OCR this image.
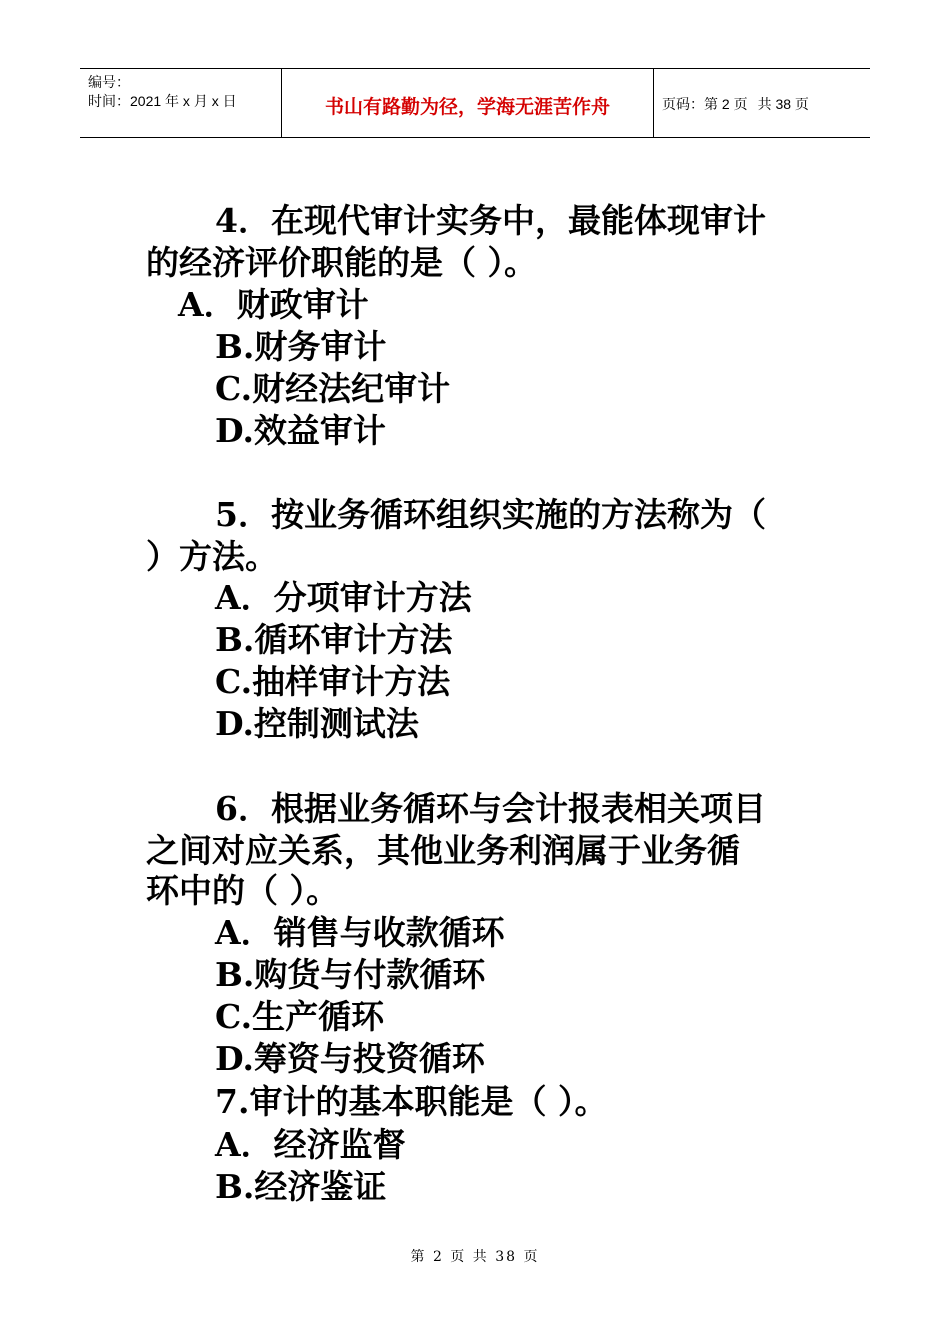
编号：
时间：2021 年 x 月 x 日	书山有路勤为径，学海无涯苦作舟	页码：第 2 页 共 38 页
4．在现代审计实务中，最能体现审计
的经济评价职能的是（ ）。
A．财政审计
B.财务审计
C.财经法纪审计
D.效益审计
5．按业务循环组织实施的方法称为（
）方法。
A．分项审计方法
B.循环审计方法
C.抽样审计方法
D.控制测试法
6．根据业务循环与会计报表相关项目
之间对应关系，其他业务利润属于业务循
环中的（ ）。
A．销售与收款循环
B.购货与付款循环
C.生产循环
D.筹资与投资循环
7.审计的基本职能是（ ）。
A．经济监督
B.经济鉴证
第 2 页 共 38 页
